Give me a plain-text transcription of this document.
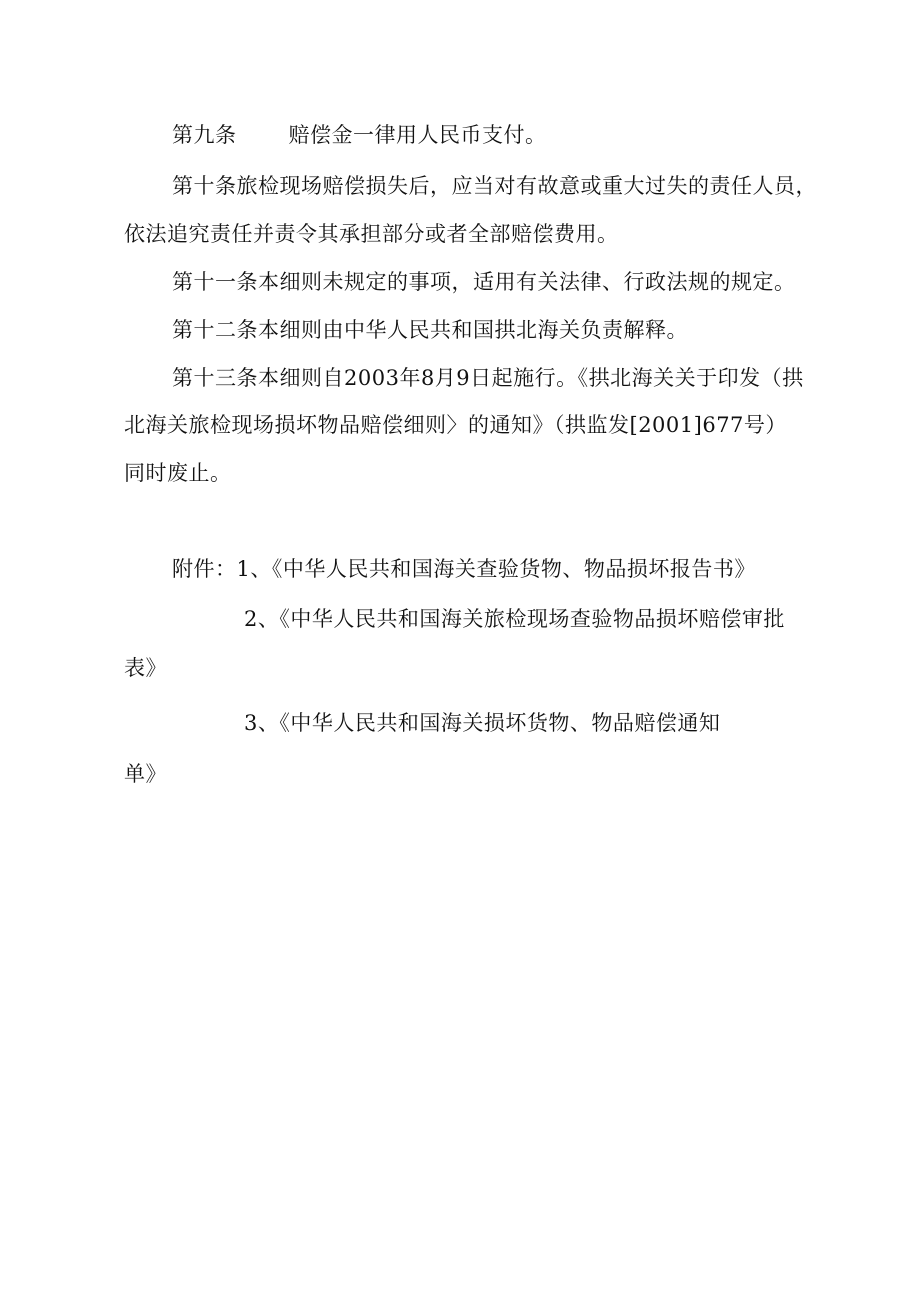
第九条 赔偿金一律用人民币支付。
第十条旅检现场赔偿损失后，应当对有故意或重大过失的责任人员，
依法追究责任并责令其承担部分或者全部赔偿费用。
第十一条本细则未规定的事项，适用有关法律、行政法规的规定。
第十二条本细则由中华人民共和国拱北海关负责解释。
第十三条本细则自2003年8月9日起施行。《拱北海关关于印发（拱
北海关旅检现场损坏物品赔偿细则〉的通知》（拱监发[2001]677号）
同时废止。
附件：1、《中华人民共和国海关查验货物、物品损坏报告书》
2、《中华人民共和国海关旅检现场查验物品损坏赔偿审批
表》
3、《中华人民共和国海关损坏货物、物品赔偿通知
单》
